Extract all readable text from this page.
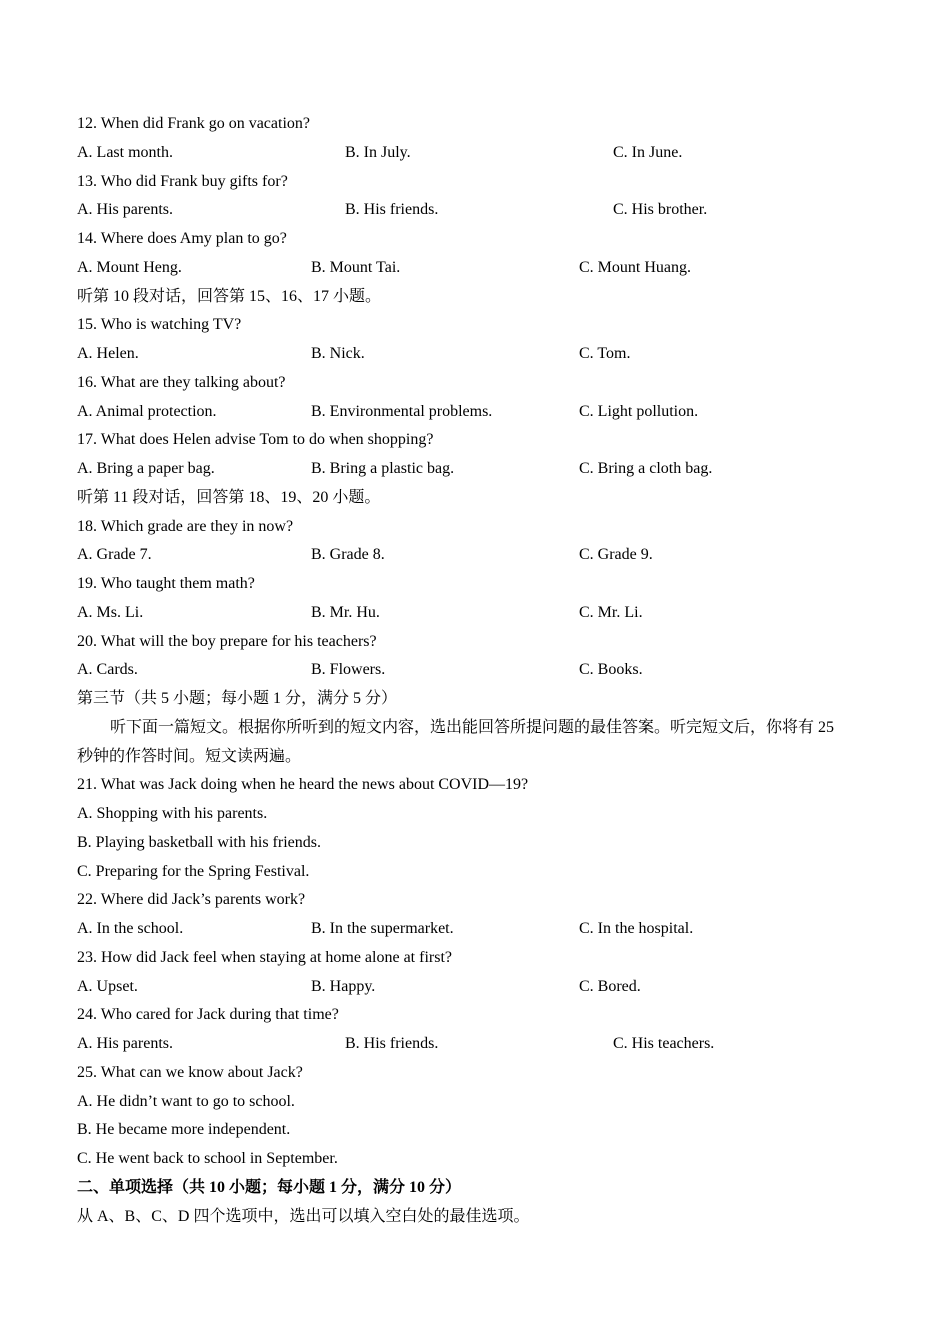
12. When did Frank go on vacation?
A. Last month.	B. In July.	C. In June.
13. Who did Frank buy gifts for?
A. His parents.	B. His friends.	C. His brother.
14. Where does Amy plan to go?
A. Mount Heng.	B. Mount Tai.	C. Mount Huang.
听第 10 段对话，回答第 15、16、17 小题。
15. Who is watching TV?
A. Helen.	B. Nick.	C. Tom.
16. What are they talking about?
A. Animal protection.	B. Environmental problems.	C. Light pollution.
17. What does Helen advise Tom to do when shopping?
A. Bring a paper bag.	B. Bring a plastic bag.	C. Bring a cloth bag.
听第 11 段对话，回答第 18、19、20 小题。
18. Which grade are they in now?
A. Grade 7.	B. Grade 8.	C. Grade 9.
19. Who taught them math?
A. Ms. Li.	B. Mr. Hu.	C. Mr. Li.
20. What will the boy prepare for his teachers?
A. Cards.	B. Flowers.	C. Books.
第三节（共 5 小题；每小题 1 分，满分 5 分）
听下面一篇短文。根据你所听到的短文内容，选出能回答所提问题的最佳答案。听完短文后，你将有 25
秒钟的作答时间。短文读两遍。
21. What was Jack doing when he heard the news about COVID—19?
A. Shopping with his parents.
B. Playing basketball with his friends.
C. Preparing for the Spring Festival.
22. Where did Jack’s parents work?
A. In the school.	B. In the supermarket.	C. In the hospital.
23. How did Jack feel when staying at home alone at first?
A. Upset.	B. Happy.	C. Bored.
24. Who cared for Jack during that time?
A. His parents.	B. His friends.	C. His teachers.
25. What can we know about Jack?
A. He didn’t want to go to school.
B. He became more independent.
C. He went back to school in September.
二、单项选择（共 10 小题；每小题 1 分，满分 10 分）
从 A、B、C、D 四个选项中，选出可以填入空白处的最佳选项。
